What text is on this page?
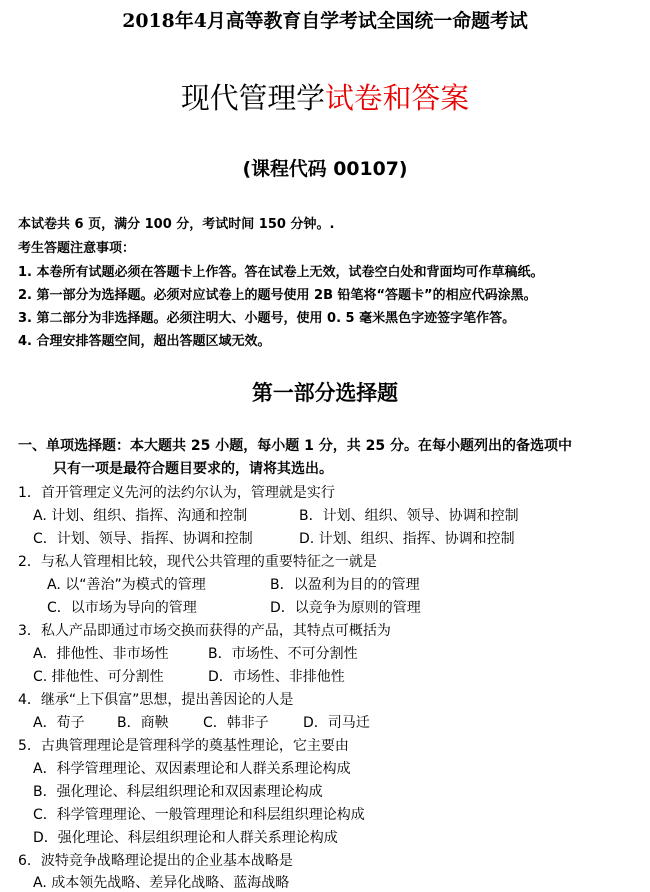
2018年4月高等教育自学考试全国统一命题考试
现代管理学试卷和答案
(课程代码 00107)
本试卷共 6 页，满分 100 分，考试时间 150 分钟。.
考生答题注意事项：
1. 本卷所有试题必须在答题卡上作答。答在试卷上无效，试卷空白处和背面均可作草稿纸。
2. 第一部分为选择题。必须对应试卷上的题号使用 2B 铅笔将“答题卡”的相应代码涂黑。
3. 第二部分为非选择题。必须注明大、小题号，使用 0. 5 毫米黑色字迹签字笔作答。
4. 合理安排答题空间，超出答题区域无效。
第一部分选择题
一、单项选择题：本大题共 25 小题，每小题 1 分，共 25 分。在每小题列出的备选项中
只有一项是最符合题目要求的，请将其选出。
1．首开管理定义先河的法约尔认为，管理就是实行
A. 计划、组织、指挥、沟通和控制	B．计划、组织、领导、协调和控制
C．计划、领导、指挥、协调和控制	D. 计划、组织、指挥、协调和控制
2．与私人管理相比较，现代公共管理的重要特征之一就是
A. 以“善治”为模式的管理	B．以盈利为目的的管理
C．以市场为导向的管理	D．以竞争为原则的管理
3．私人产品即通过市场交换而获得的产品，其特点可概括为
A．排他性、非市场性	B．市场性、不可分割性
C. 排他性、可分割性	D．市场性、非排他性
4．继承“上下俱富”思想，提出善因论的人是
A．荀子 B．商鞅 C．韩非子 D．司马迁
5．古典管理理论是管理科学的奠基性理论，它主要由
A．科学管理理论、双因素理论和人群关系理论构成
B．强化理论、科层组织理论和双因素理论构成
C．科学管理理论、一般管理理论和科层组织理论构成
D．强化理论、科层组织理论和人群关系理论构成
6．波特竞争战略理论提出的企业基本战略是
A. 成本领先战略、差异化战略、蓝海战略
